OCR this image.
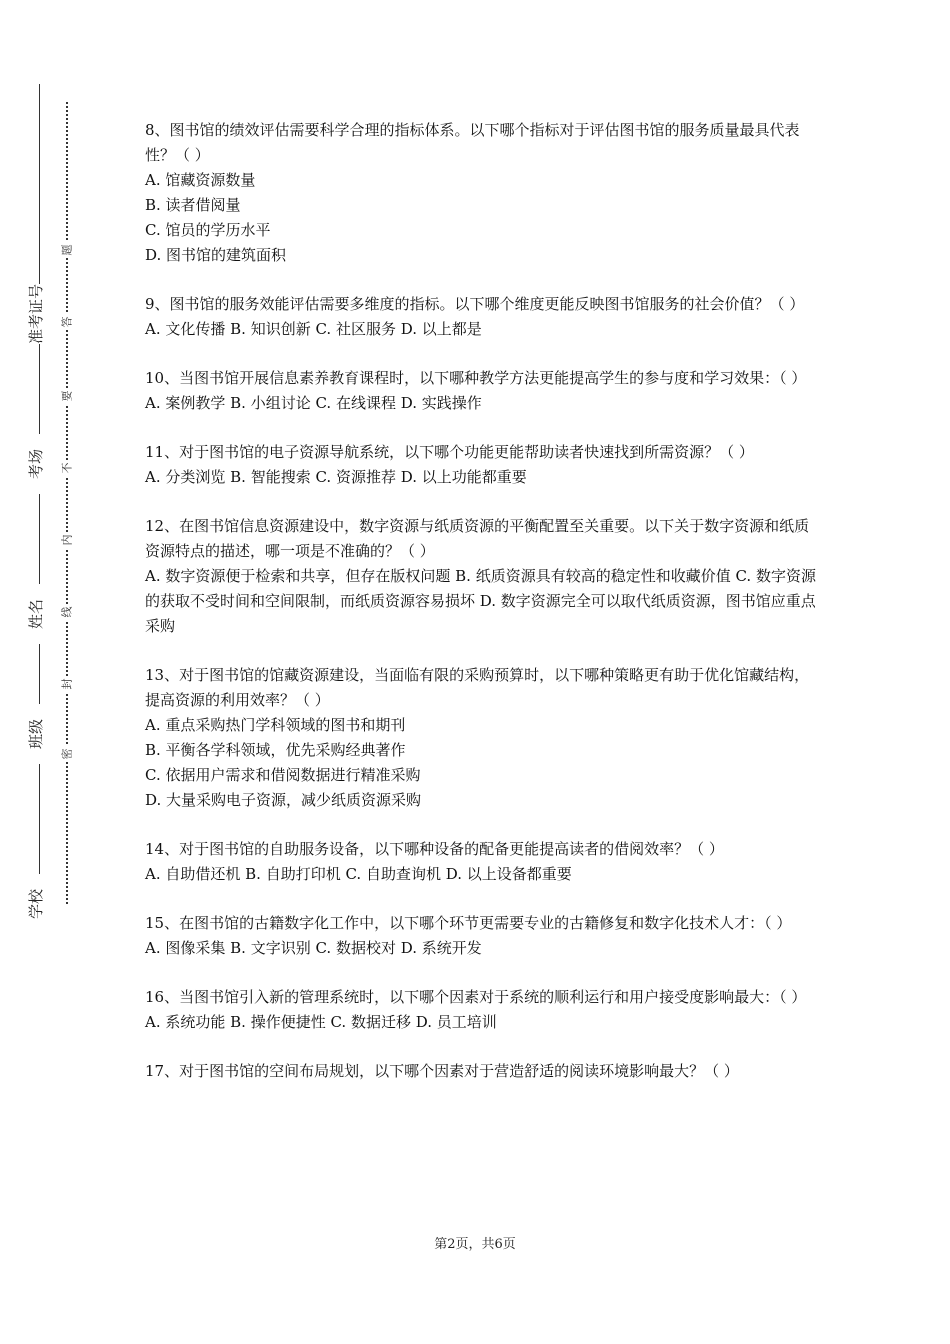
准考证号
考场
姓名
班级
学校
题
答
要
不
内
线
封
密

8、图书馆的绩效评估需要科学合理的指标体系。以下哪个指标对于评估图书馆的服务质量最具代表性？（ ）

A. 馆藏资源数量

B. 读者借阅量

C. 馆员的学历水平

D. 图书馆的建筑面积

9、图书馆的服务效能评估需要多维度的指标。以下哪个维度更能反映图书馆服务的社会价值？（ ）

A. 文化传播 B. 知识创新 C. 社区服务 D. 以上都是

10、当图书馆开展信息素养教育课程时，以下哪种教学方法更能提高学生的参与度和学习效果：（ ）

A. 案例教学 B. 小组讨论 C. 在线课程 D. 实践操作

11、对于图书馆的电子资源导航系统，以下哪个功能更能帮助读者快速找到所需资源？（ ）

A. 分类浏览 B. 智能搜索 C. 资源推荐 D. 以上功能都重要

12、在图书馆信息资源建设中，数字资源与纸质资源的平衡配置至关重要。以下关于数字资源和纸质资源特点的描述，哪一项是不准确的？（ ）

A. 数字资源便于检索和共享，但存在版权问题 B. 纸质资源具有较高的稳定性和收藏价值 C. 数字资源的获取不受时间和空间限制，而纸质资源容易损坏 D. 数字资源完全可以取代纸质资源，图书馆应重点采购

13、对于图书馆的馆藏资源建设，当面临有限的采购预算时，以下哪种策略更有助于优化馆藏结构，提高资源的利用效率？（ ）

A. 重点采购热门学科领域的图书和期刊

B. 平衡各学科领域，优先采购经典著作

C. 依据用户需求和借阅数据进行精准采购

D. 大量采购电子资源，减少纸质资源采购

14、对于图书馆的自助服务设备，以下哪种设备的配备更能提高读者的借阅效率？（ ）

A. 自助借还机 B. 自助打印机 C. 自助查询机 D. 以上设备都重要

15、在图书馆的古籍数字化工作中，以下哪个环节更需要专业的古籍修复和数字化技术人才：（ ）

A. 图像采集 B. 文字识别 C. 数据校对 D. 系统开发

16、当图书馆引入新的管理系统时，以下哪个因素对于系统的顺利运行和用户接受度影响最大：（ ）

A. 系统功能 B. 操作便捷性 C. 数据迁移 D. 员工培训

17、对于图书馆的空间布局规划，以下哪个因素对于营造舒适的阅读环境影响最大？（ ）

第2页，共6页
